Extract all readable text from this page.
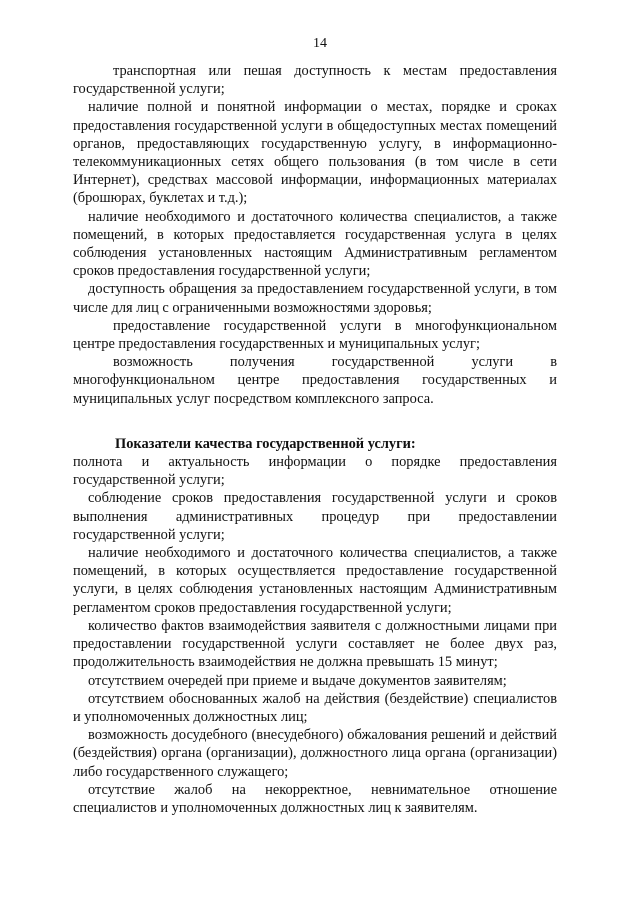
14

транспортная или пешая доступность к местам предоставления государственной услуги;

наличие полной и понятной информации о местах, порядке и сроках предоставления государственной услуги в общедоступных местах помещений органов, предоставляющих государственную услугу, в информационно-телекоммуникационных сетях общего пользования (в том числе в сети Интернет), средствах массовой информации, информационных материалах (брошюрах, буклетах и т.д.);

наличие необходимого и достаточного количества специалистов, а также помещений, в которых предоставляется государственная услуга в целях соблюдения установленных настоящим Административным регламентом сроков предоставления государственной услуги;

доступность обращения за предоставлением государственной услуги, в том числе для лиц с ограниченными возможностями здоровья;

предоставление государственной услуги в многофункциональном центре предоставления государственных и муниципальных услуг;

возможность получения государственной услуги в многофункциональном центре предоставления государственных и муниципальных услуг посредством комплексного запроса.

Показатели качества государственной услуги:

полнота и актуальность информации о порядке предоставления государственной услуги;

соблюдение сроков предоставления государственной услуги и сроков выполнения административных процедур при предоставлении государственной услуги;

наличие необходимого и достаточного количества специалистов, а также помещений, в которых осуществляется предоставление государственной услуги, в целях соблюдения установленных настоящим Административным регламентом сроков предоставления государственной услуги;

количество фактов взаимодействия заявителя с должностными лицами при предоставлении государственной услуги составляет не более двух раз, продолжительность взаимодействия не должна превышать 15 минут;

отсутствием очередей при приеме и выдаче документов заявителям;

отсутствием обоснованных жалоб на действия (бездействие) специалистов и уполномоченных должностных лиц;

возможность досудебного (внесудебного) обжалования решений и действий (бездействия) органа (организации), должностного лица органа (организации) либо государственного служащего;

отсутствие жалоб на некорректное, невнимательное отношение специалистов и уполномоченных должностных лиц к заявителям.
